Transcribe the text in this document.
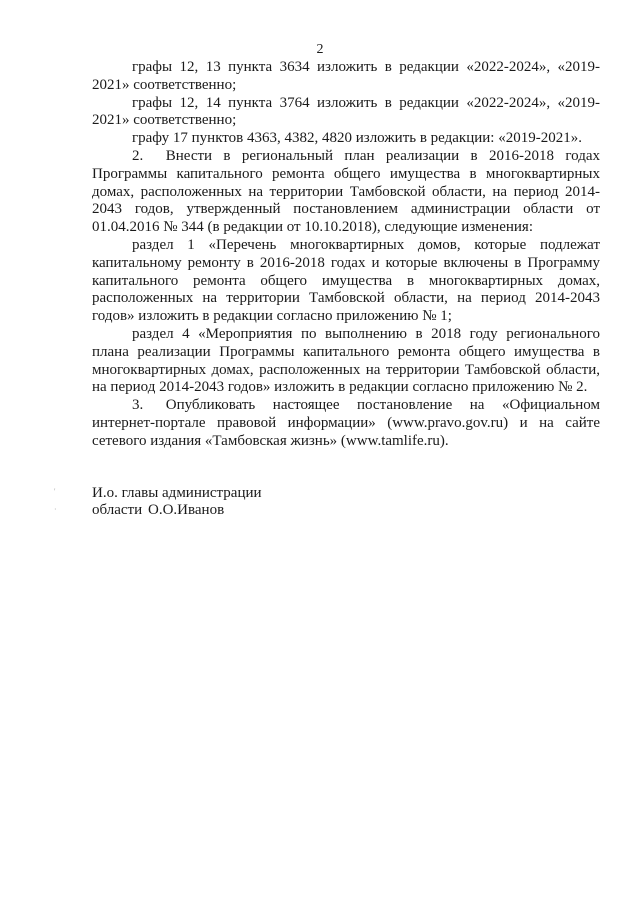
2

графы 12, 13 пункта 3634 изложить в редакции «2022-2024», «2019-2021» соответственно;

графы 12, 14 пункта 3764 изложить в редакции «2022-2024», «2019-2021» соответственно;

графу 17 пунктов 4363, 4382, 4820 изложить в редакции: «2019-2021».

2.  Внести в региональный план реализации в 2016-2018 годах Программы капитального ремонта общего имущества в многоквартирных домах, расположенных на территории Тамбовской области, на период 2014-2043 годов, утвержденный постановлением администрации области от 01.04.2016 № 344 (в редакции от 10.10.2018), следующие изменения:

раздел 1 «Перечень многоквартирных домов, которые подлежат капитальному ремонту в 2016-2018 годах и которые включены в Программу капитального ремонта общего имущества в многоквартирных домах, расположенных на территории Тамбовской области, на период 2014-2043 годов» изложить в редакции согласно приложению № 1;

раздел 4 «Мероприятия по выполнению в 2018 году регионального плана реализации Программы капитального ремонта общего имущества в многоквартирных домах, расположенных на территории Тамбовской области, на период 2014-2043 годов» изложить в редакции согласно приложению № 2.

3.  Опубликовать настоящее постановление на «Официальном интернет-портале правовой информации» (www.pravo.gov.ru) и на сайте сетевого издания «Тамбовская жизнь» (www.tamlife.ru).

'
·

И.о. главы администрации

области О.О.Иванов
